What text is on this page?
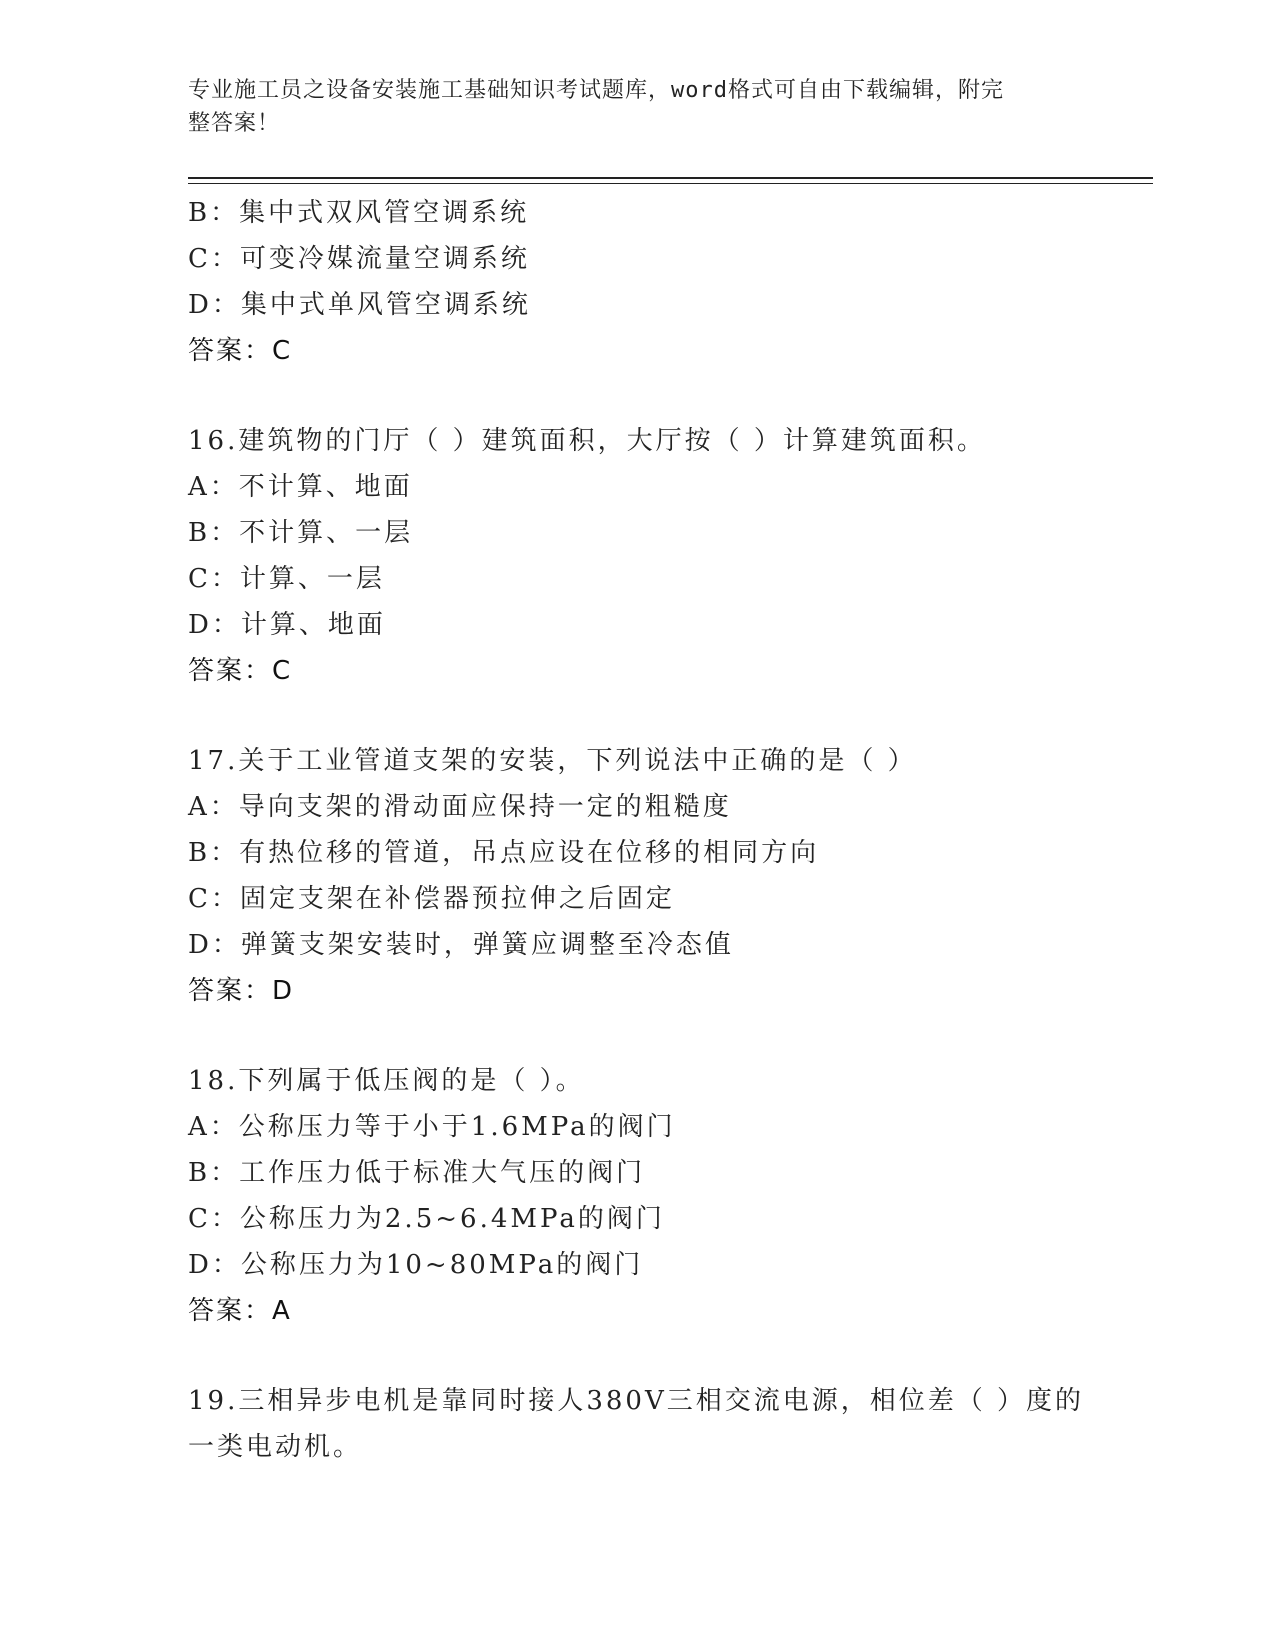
专业施工员之设备安装施工基础知识考试题库，word格式可自由下载编辑，附完
整答案！
B：集中式双风管空调系统
C：可变冷媒流量空调系统
D：集中式单风管空调系统
答案：C
16.建筑物的门厅（ ）建筑面积，大厅按（ ）计算建筑面积。
A：不计算、地面
B：不计算、一层
C：计算、一层
D：计算、地面
答案：C
17.关于工业管道支架的安装，下列说法中正确的是（ ）
A：导向支架的滑动面应保持一定的粗糙度
B：有热位移的管道，吊点应设在位移的相同方向
C：固定支架在补偿器预拉伸之后固定
D：弹簧支架安装时，弹簧应调整至冷态值
答案：D
18.下列属于低压阀的是（ ）。
A：公称压力等于小于1.6MPa的阀门
B：工作压力低于标准大气压的阀门
C：公称压力为2.5~6.4MPa的阀门
D：公称压力为10~80MPa的阀门
答案：A
19.三相异步电机是靠同时接人380V三相交流电源，相位差（ ）度的
一类电动机。
